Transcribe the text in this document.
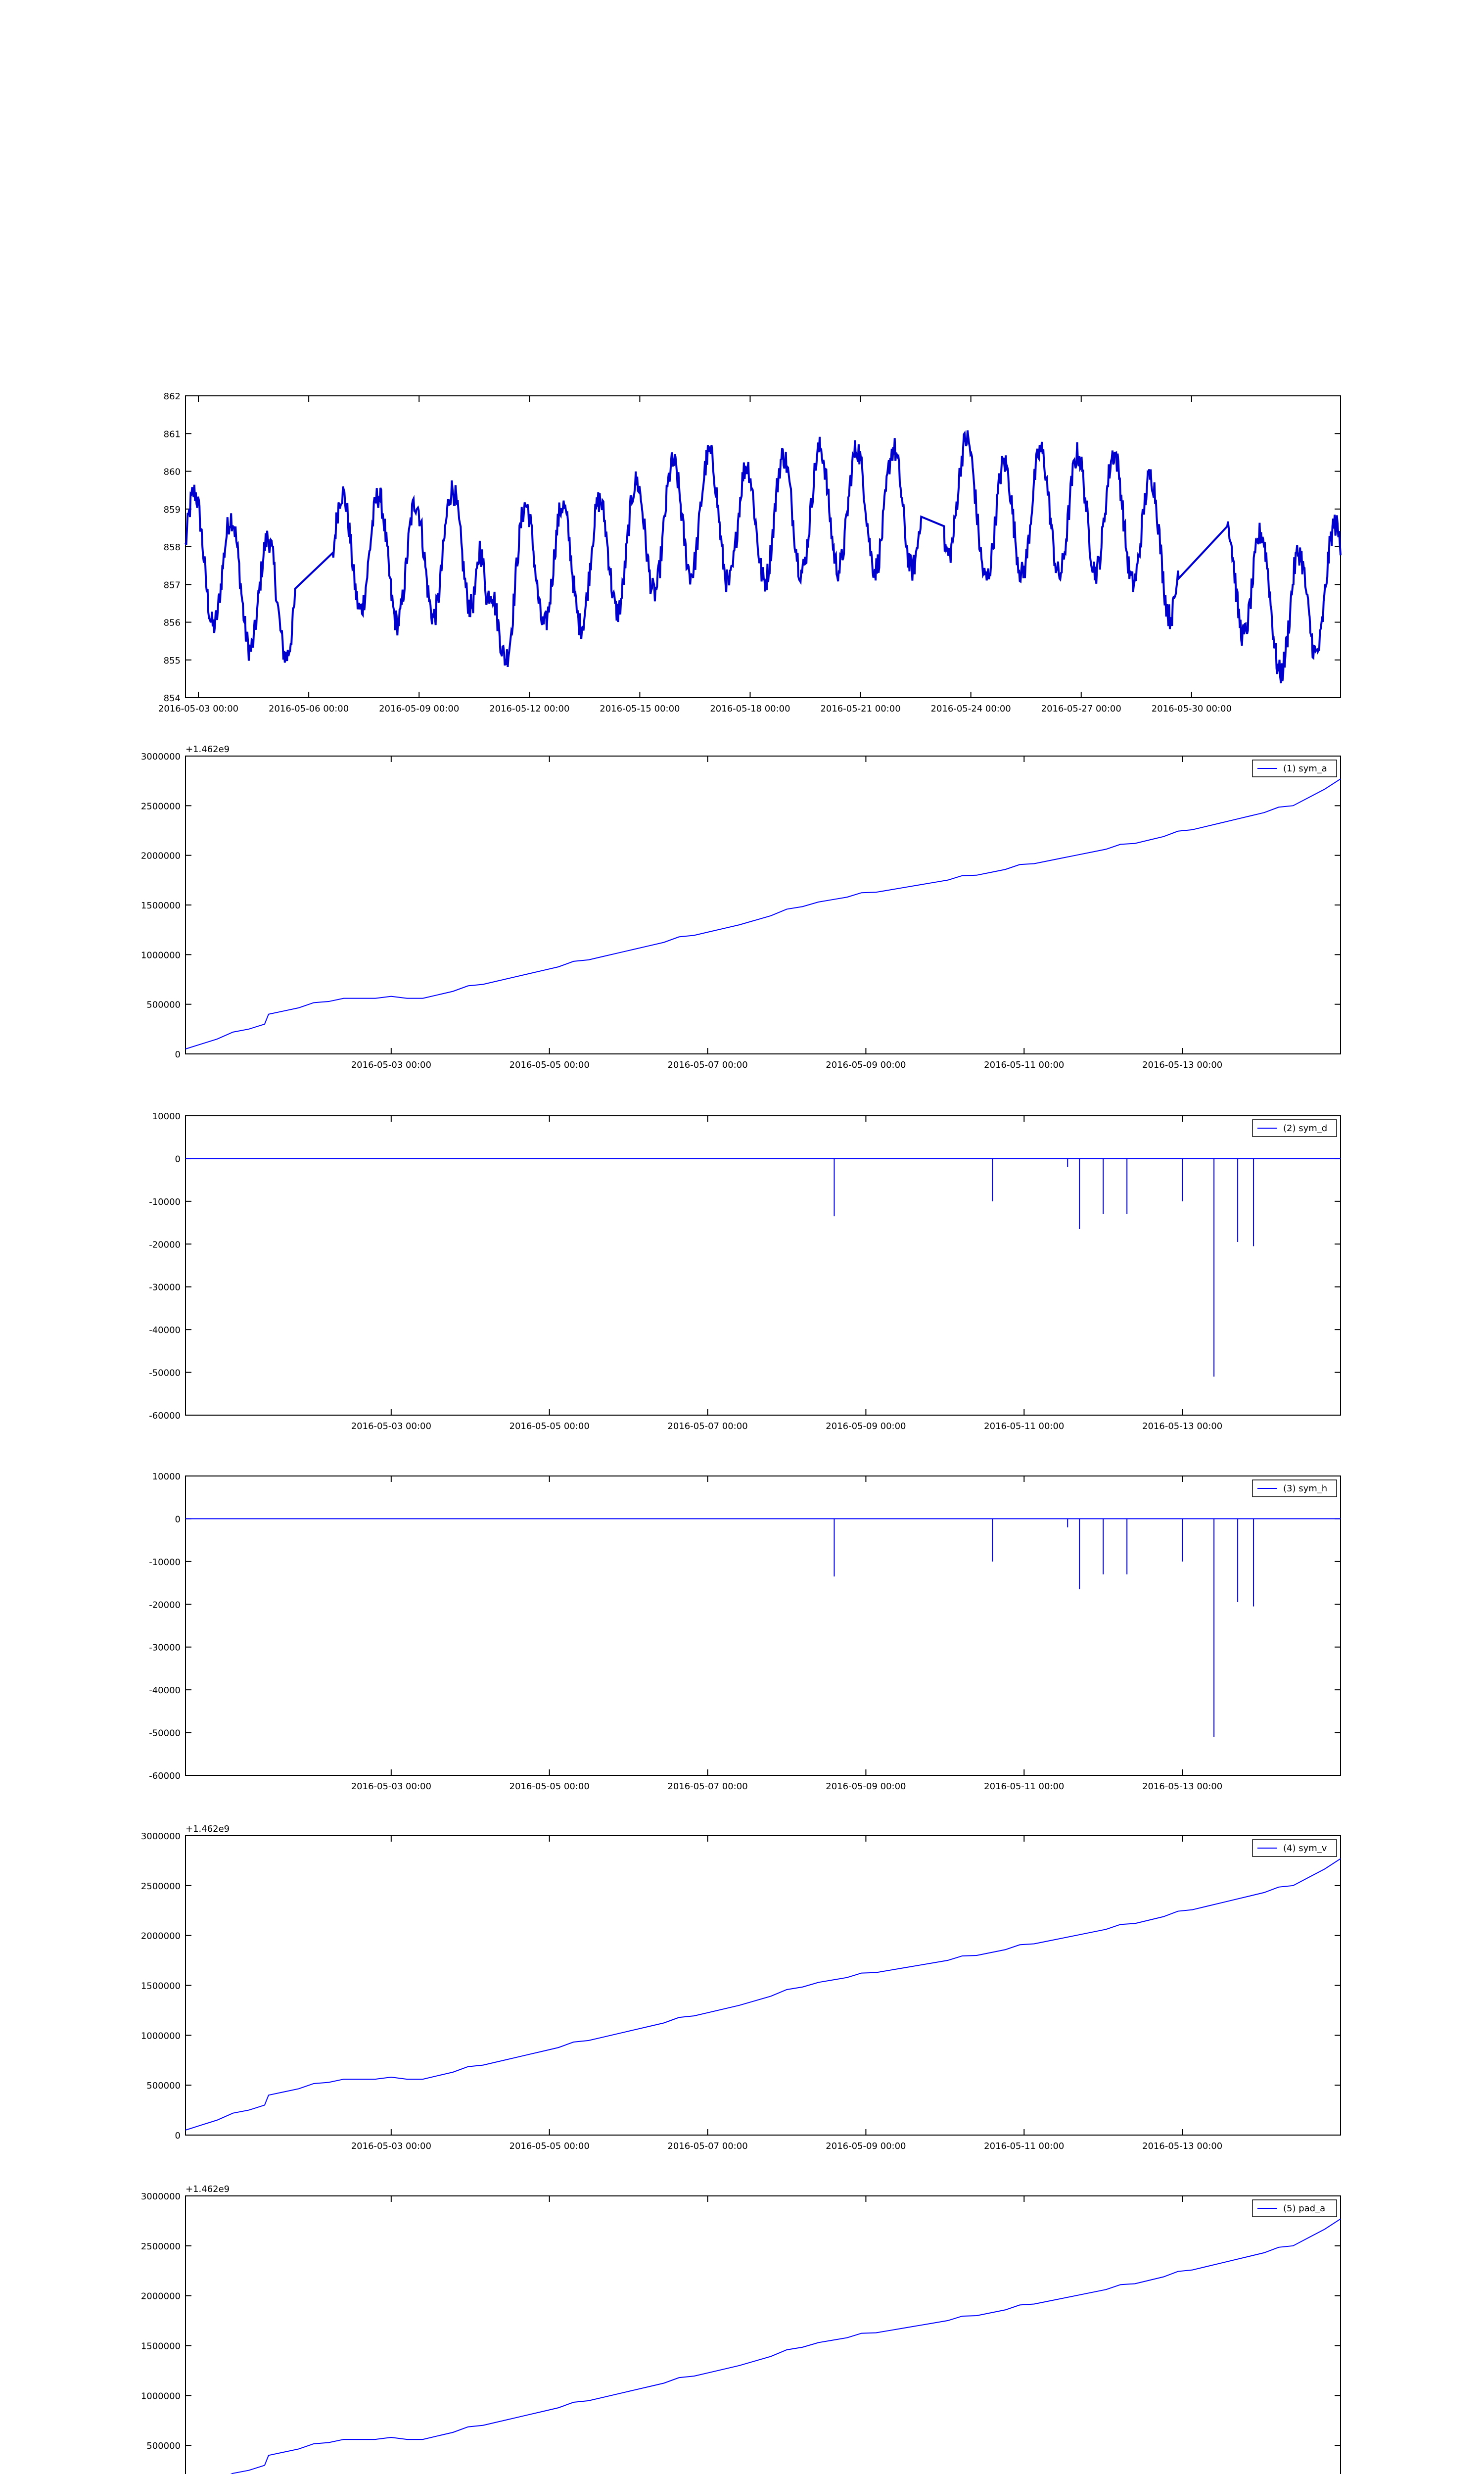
854
855
856
857
858
859
860
861
862
2016-05-03 00:00	2016-05-06 00:00	2016-05-09 00:00	2016-05-12 00:00	2016-05-15 00:00	2016-05-18 00:00	2016-05-21 00:00	2016-05-24 00:00	2016-05-27 00:00	2016-05-30 00:00
0
500000
1000000
1500000
2000000
2500000
3000000
2016-05-03 00:00	2016-05-05 00:00	2016-05-07 00:00	2016-05-09 00:00	2016-05-11 00:00	2016-05-13 00:00
+1.462e9
(1) sym_a
10000
0
-10000
-20000
-30000
-40000
-50000
-60000
2016-05-03 00:00	2016-05-05 00:00	2016-05-07 00:00	2016-05-09 00:00	2016-05-11 00:00	2016-05-13 00:00
(2) sym_d
10000
0
-10000
-20000
-30000
-40000
-50000
-60000
2016-05-03 00:00	2016-05-05 00:00	2016-05-07 00:00	2016-05-09 00:00	2016-05-11 00:00	2016-05-13 00:00
(3) sym_h
0
500000
1000000
1500000
2000000
2500000
3000000
2016-05-03 00:00	2016-05-05 00:00	2016-05-07 00:00	2016-05-09 00:00	2016-05-11 00:00	2016-05-13 00:00
+1.462e9
(4) sym_v
500000
1000000
1500000
2000000
2500000
3000000
+1.462e9
(5) pad_a
